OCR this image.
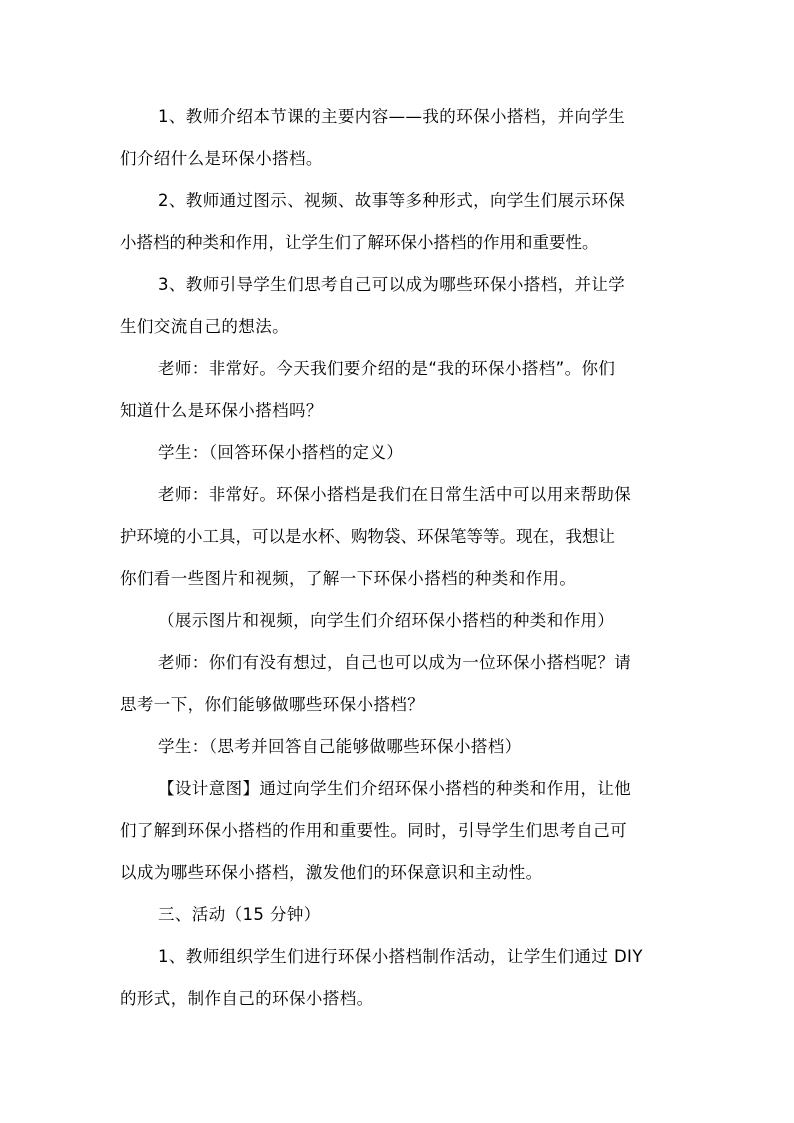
1、教师介绍本节课的主要内容——我的环保小搭档，并向学生
们介绍什么是环保小搭档。

2、教师通过图示、视频、故事等多种形式，向学生们展示环保
小搭档的种类和作用，让学生们了解环保小搭档的作用和重要性。

3、教师引导学生们思考自己可以成为哪些环保小搭档，并让学
生们交流自己的想法。

老师：非常好。今天我们要介绍的是“我的环保小搭档”。你们
知道什么是环保小搭档吗？

学生：（回答环保小搭档的定义）

老师：非常好。环保小搭档是我们在日常生活中可以用来帮助保
护环境的小工具，可以是水杯、购物袋、环保笔等等。现在，我想让
你们看一些图片和视频，了解一下环保小搭档的种类和作用。

（展示图片和视频，向学生们介绍环保小搭档的种类和作用）

老师：你们有没有想过，自己也可以成为一位环保小搭档呢？请
思考一下，你们能够做哪些环保小搭档？

学生：（思考并回答自己能够做哪些环保小搭档）

【设计意图】通过向学生们介绍环保小搭档的种类和作用，让他
们了解到环保小搭档的作用和重要性。同时，引导学生们思考自己可
以成为哪些环保小搭档，激发他们的环保意识和主动性。

三、活动（15 分钟）

1、教师组织学生们进行环保小搭档制作活动，让学生们通过 DIY
的形式，制作自己的环保小搭档。
